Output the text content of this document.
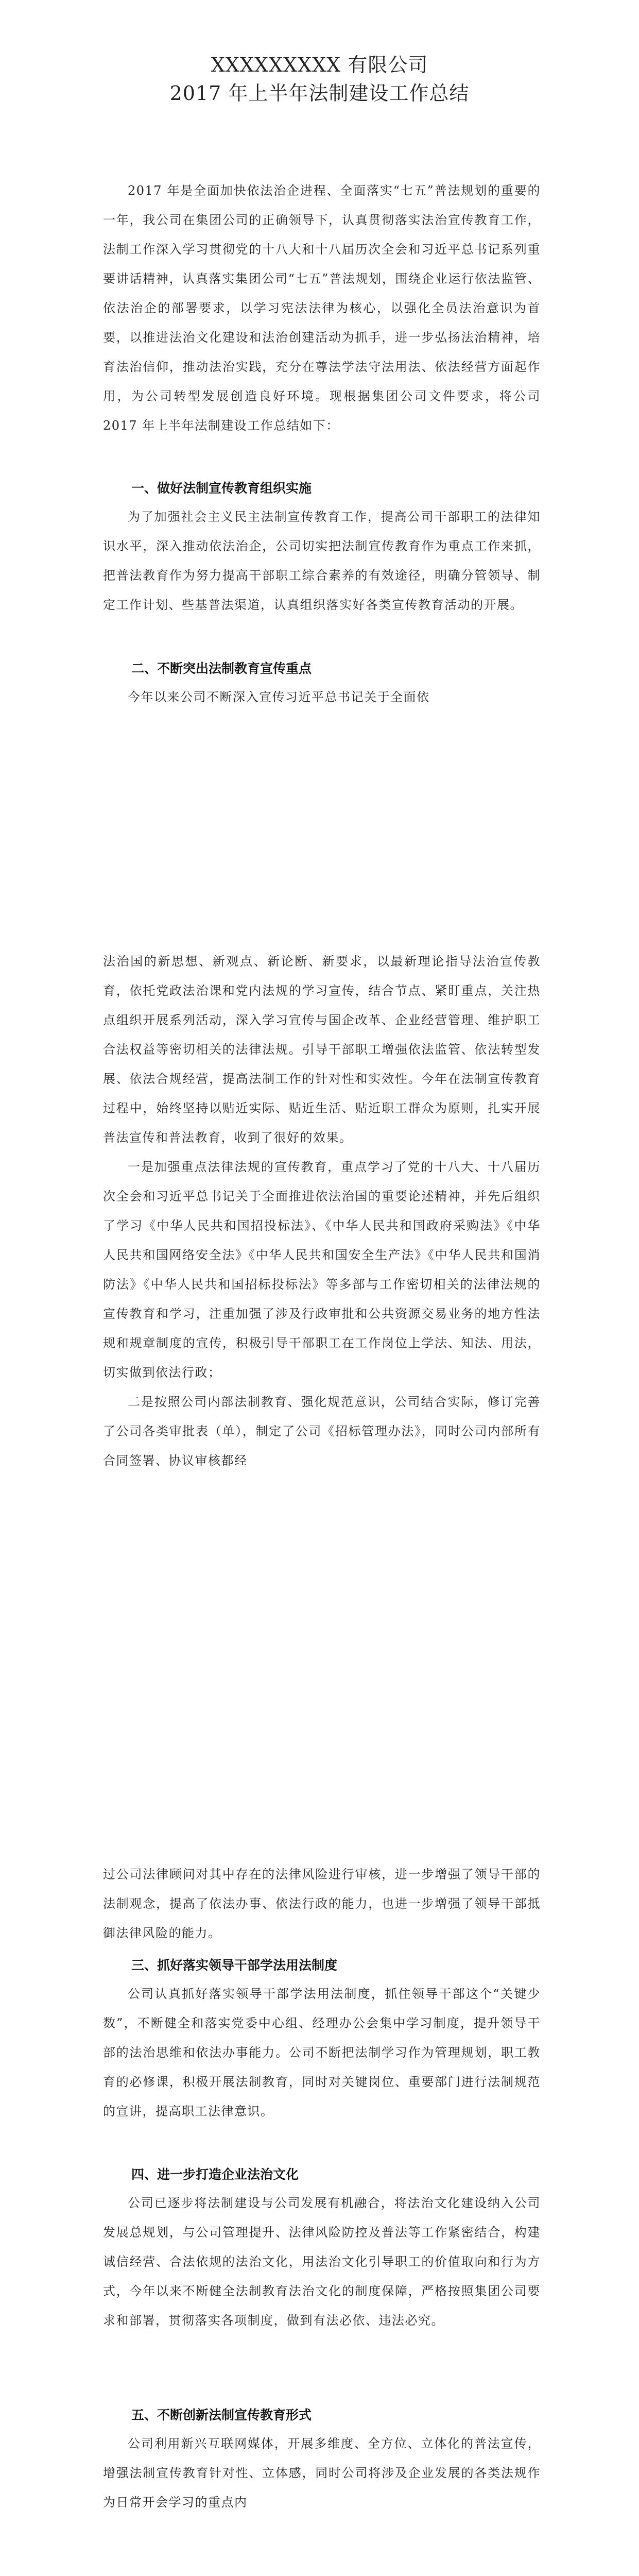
XXXXXXXXX 有限公司
2017 年上半年法制建设工作总结

2017 年是全面加快依法治企进程、全面落实“七五”普法规划的重要的一年，我公司在集团公司的正确领导下，认真贯彻落实法治宣传教育工作，法制工作深入学习贯彻党的十八大和十八届历次全会和习近平总书记系列重要讲话精神，认真落实集团公司“七五”普法规划，围绕企业运行依法监管、依法治企的部署要求，以学习宪法法律为核心，以强化全员法治意识为首要，以推进法治文化建设和法治创建活动为抓手，进一步弘扬法治精神，培育法治信仰，推动法治实践，充分在尊法学法守法用法、依法经营方面起作用，为公司转型发展创造良好环境。现根据集团公司文件要求，将公司 2017 年上半年法制建设工作总结如下：

一、做好法制宣传教育组织实施

为了加强社会主义民主法制宣传教育工作，提高公司干部职工的法律知识水平，深入推动依法治企，公司切实把法制宣传教育作为重点工作来抓，把普法教育作为努力提高干部职工综合素养的有效途径，明确分管领导、制定工作计划、些基普法渠道，认真组织落实好各类宣传教育活动的开展。

二、不断突出法制教育宣传重点

今年以来公司不断深入宣传习近平总书记关于全面依

法治国的新思想、新观点、新论断、新要求，以最新理论指导法治宣传教育，依托党政法治课和党内法规的学习宣传，结合节点、紧盯重点，关注热点组织开展系列活动，深入学习宣传与国企改革、企业经营管理、维护职工合法权益等密切相关的法律法规。引导干部职工增强依法监管、依法转型发展、依法合规经营，提高法制工作的针对性和实效性。今年在法制宣传教育过程中，始终坚持以贴近实际、贴近生活、贴近职工群众为原则，扎实开展普法宣传和普法教育，收到了很好的效果。

一是加强重点法律法规的宣传教育，重点学习了党的十八大、十八届历次全会和习近平总书记关于全面推进依法治国的重要论述精神，并先后组织了学习《中华人民共和国招投标法》、《中华人民共和国政府采购法》《中华人民共和国网络安全法》《中华人民共和国安全生产法》《中华人民共和国消防法》《中华人民共和国招标投标法》等多部与工作密切相关的法律法规的宣传教育和学习，注重加强了涉及行政审批和公共资源交易业务的地方性法规和规章制度的宣传，积极引导干部职工在工作岗位上学法、知法、用法，切实做到依法行政；

二是按照公司内部法制教育、强化规范意识，公司结合实际，修订完善了公司各类审批表（单），制定了公司《招标管理办法》，同时公司内部所有合同签署、协议审核都经

过公司法律顾问对其中存在的法律风险进行审核，进一步增强了领导干部的法制观念，提高了依法办事、依法行政的能力，也进一步增强了领导干部抵御法律风险的能力。

三、抓好落实领导干部学法用法制度

公司认真抓好落实领导干部学法用法制度，抓住领导干部这个“关键少数”，不断健全和落实党委中心组、经理办公会集中学习制度，提升领导干部的法治思维和依法办事能力。公司不断把法制学习作为管理规划，职工教育的必修课，积极开展法制教育，同时对关键岗位、重要部门进行法制规范的宣讲，提高职工法律意识。

四、进一步打造企业法治文化

公司已逐步将法制建设与公司发展有机融合，将法治文化建设纳入公司发展总规划，与公司管理提升、法律风险防控及普法等工作紧密结合，构建诚信经营、合法依规的法治文化，用法治文化引导职工的价值取向和行为方式，今年以来不断健全法制教育法治文化的制度保障，严格按照集团公司要求和部署，贯彻落实各项制度，做到有法必依、违法必究。

五、不断创新法制宣传教育形式

公司利用新兴互联网媒体，开展多维度、全方位、立体化的普法宣传，增强法制宣传教育针对性、立体感，同时公司将涉及企业发展的各类法规作为日常开会学习的重点内
